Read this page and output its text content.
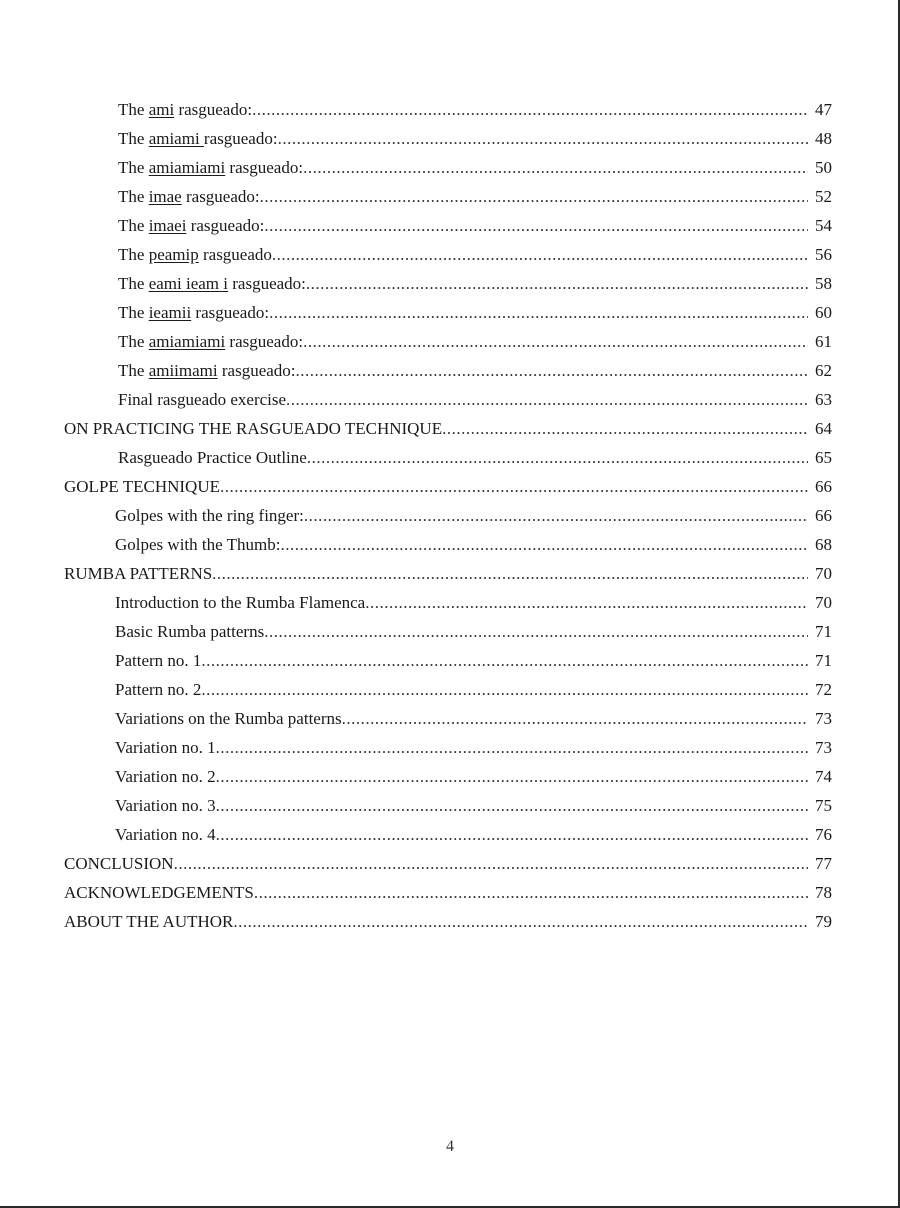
The ami rasgueado: .....	47
The amiami rasgueado: .....	48
The amiamiami rasgueado: .....	50
The imae rasgueado: .....	52
The imaei rasgueado: .....	54
The peamip rasgueado .....	56
The eami ieam i rasgueado: .....	58
The ieamii rasgueado: .....	60
The amiamiami rasgueado: .....	61
The amiimami rasgueado: .....	62
Final rasgueado exercise .....	63
ON PRACTICING THE RASGUEADO TECHNIQUE .....	64
Rasgueado Practice Outline .....	65
GOLPE TECHNIQUE .....	66
Golpes with the ring finger: .....	66
Golpes with the Thumb: .....	68
RUMBA PATTERNS .....	70
Introduction to the Rumba Flamenca .....	70
Basic Rumba patterns .....	71
Pattern no. 1 .....	71
Pattern no. 2 .....	72
Variations on the Rumba patterns .....	73
Variation no. 1 .....	73
Variation no. 2 .....	74
Variation no. 3 .....	75
Variation no. 4 .....	76
CONCLUSION .....	77
ACKNOWLEDGEMENTS .....	78
ABOUT THE AUTHOR .....	79
4
